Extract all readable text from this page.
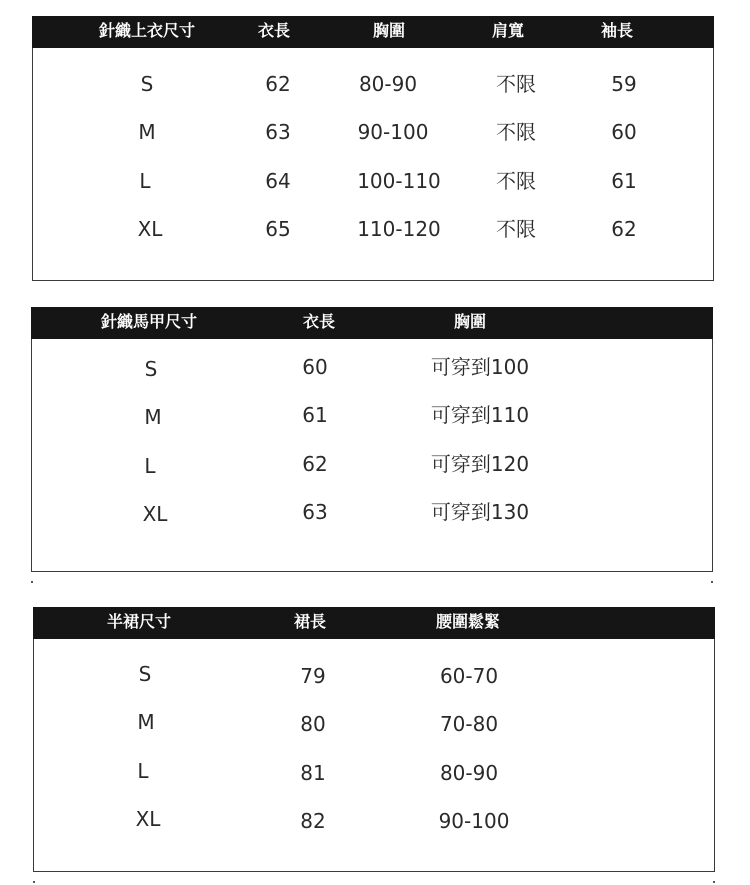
針織上衣尺寸	衣長	胸圍	肩寬	袖長
S	62	80-90	不限	59
M	63	90-100	不限	60
L	64	100-110	不限	61
XL	65	110-120	不限	62
針織馬甲尺寸	衣長	胸圍
S	60	可穿到100
M	61	可穿到110
L	62	可穿到120
XL	63	可穿到130
半裙尺寸	裙長	腰圍鬆緊
S	79	60-70
M	80	70-80
L	81	80-90
XL	82	90-100
